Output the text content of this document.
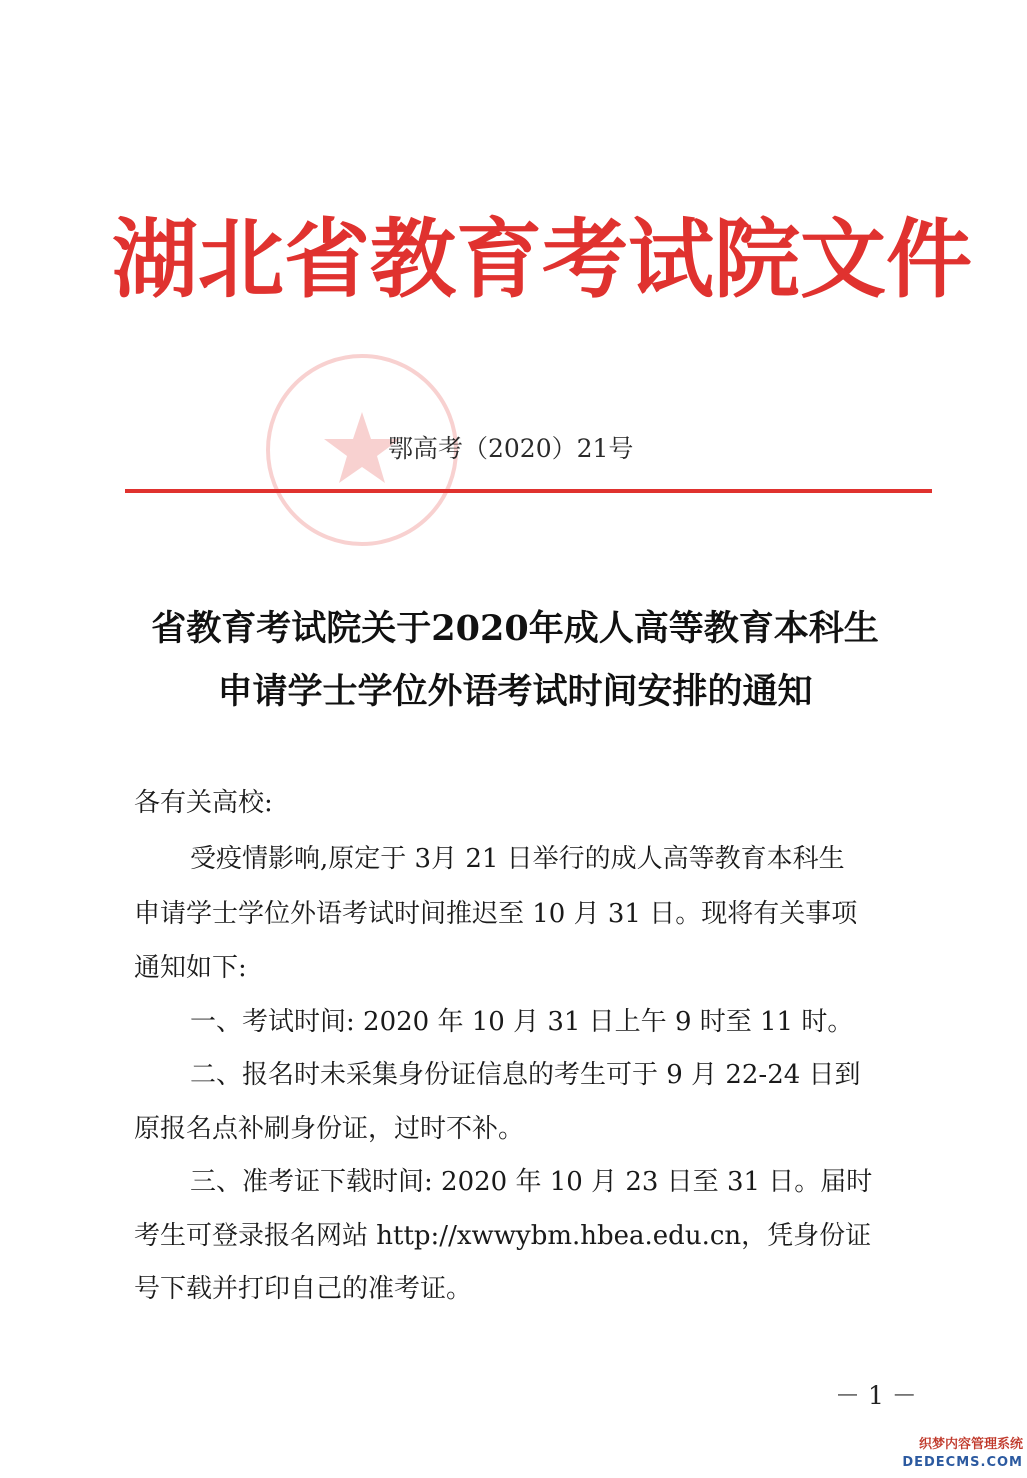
湖北省教育考试院文件
鄂高考（2020）21号
省教育考试院关于2020年成人高等教育本科生
申请学士学位外语考试时间安排的通知
各有关高校:
受疫情影响,原定于 3月 21 日举行的成人高等教育本科生
申请学士学位外语考试时间推迟至 10 月 31 日。现将有关事项
通知如下:
一、考试时间: 2020 年 10 月 31 日上午 9 时至 11 时。
二、报名时未采集身份证信息的考生可于 9 月 22-24 日到
原报名点补刷身份证，过时不补。
三、准考证下载时间: 2020 年 10 月 23 日至 31 日。届时
考生可登录报名网站 http://xwwybm.hbea.edu.cn，凭身份证
号下载并打印自己的准考证。
－ 1 －
织梦内容管理系统
DEDECMS.COM
